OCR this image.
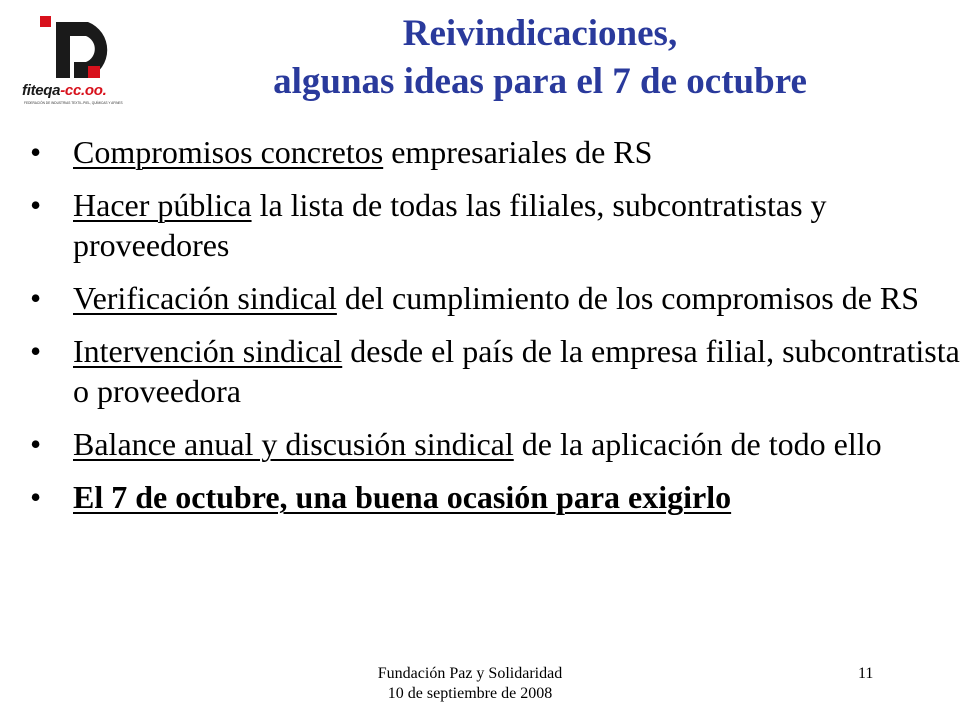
fiteqa-cc.oo.
FEDERACIÓN DE INDUSTRIAS TEXTIL-PIEL, QUÍMICAS Y AFINES
Reivindicaciones,
algunas ideas para el 7 de octubre
• Compromisos concretos empresariales de RS
• Hacer pública la lista de todas las filiales, subcontratistas y proveedores
• Verificación sindical del cumplimiento de los compromisos de RS
• Intervención sindical desde el país de la empresa filial, subcontratista o proveedora
• Balance anual y discusión sindical de la aplicación de todo ello
• El 7 de octubre, una buena ocasión para exigirlo
Fundación Paz y Solidaridad
10 de septiembre de 2008
11
